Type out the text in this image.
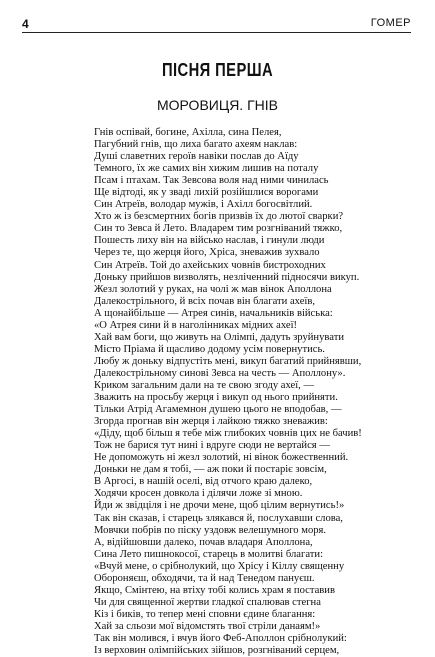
4	ГОМЕР
ПІСНЯ ПЕРША
МОРОВИЦЯ. ГНІВ
Гнів оспівай, богине, Ахілла, сина Пелея,
Пагубний гнів, що лиха багато ахеям наклав:
Душі славетних героїв навіки послав до Аїду
Темного, їх же самих він хижим лишив на поталу
Псам і птахам. Так Зевсова воля над ними чинилась
Ще відтоді, як у зваді лихій розійшлися ворогами
Син Атреїв, володар мужів, і Ахілл богосвітлий.
Хто ж із безсмертних богів призвів їх до лютої сварки?
Син то Зевса й Лето. Владарем тим розгніваний тяжко,
Пошесть лиху він на військо наслав, і гинули люди
Через те, що жерця його, Хріса, зневажив зухвало
Син Атреїв. Той до ахейських човнів бистроходних
Доньку прийшов визволять, незліченний підносячи викуп.
Жезл золотий у руках, на чолі ж мав вінок Аполлона
Далекострільного, й всіх почав він благати ахеїв,
А щонайбільше — Атрея синів, начальників війська:
«О Атрея сини й в наголінниках мідних ахеї!
Хай вам боги, що живуть на Олімпі, дадуть зруйнувати
Місто Пріама й щасливо додому усім повернутись.
Любу ж доньку відпустіть мені, викуп багатий прийнявши,
Далекострільному синові Зевса на честь — Аполлону».
Криком загальним дали на те свою згоду ахеї, —
Зважить на просьбу жерця і викуп од нього прийняти.
Тільки Атрід Агамемнон душею цього не вподобав, —
Згорда прогнав він жерця і лайкою тяжко зневажив:
«Діду, щоб більш я тебе між глибоких човнів цих не бачив!
Тож не барися тут нині і вдруге сюди не вертайся —
Не допоможуть ні жезл золотий, ні вінок божественний.
Доньки не дам я тобі, — аж поки й постаріє зовсім,
В Аргосі, в нашій оселі, від отчого краю далеко,
Ходячи кросен довкола і ділячи ложе зі мною.
Йди ж звідціля і не дрочи мене, щоб цілим вернутись!»
Так він сказав, і старець злякався й, послухавши слова,
Мовчки побрів по піску уздовж велешумного моря.
А, відійшовши далеко, почав владаря Аполлона,
Сина Лето пишнокосої, старець в молитві благати:
«Вчуй мене, о срібнолукий, що Хрісу і Кіллу священну
Обороняєш, обходячи, та й над Тенедом пануєш.
Якщо, Смінтею, на втіху тобі колись храм я поставив
Чи для священної жертви гладкої спалював стегна
Кіз і биків, то тепер мені сповни єдине благання:
Хай за сльози мої відомстять твої стріли данаям!»
Так він молився, і вчув його Феб-Аполлон срібнолукий:
Із верховин олімпійських зійшов, розгніваний серцем,
